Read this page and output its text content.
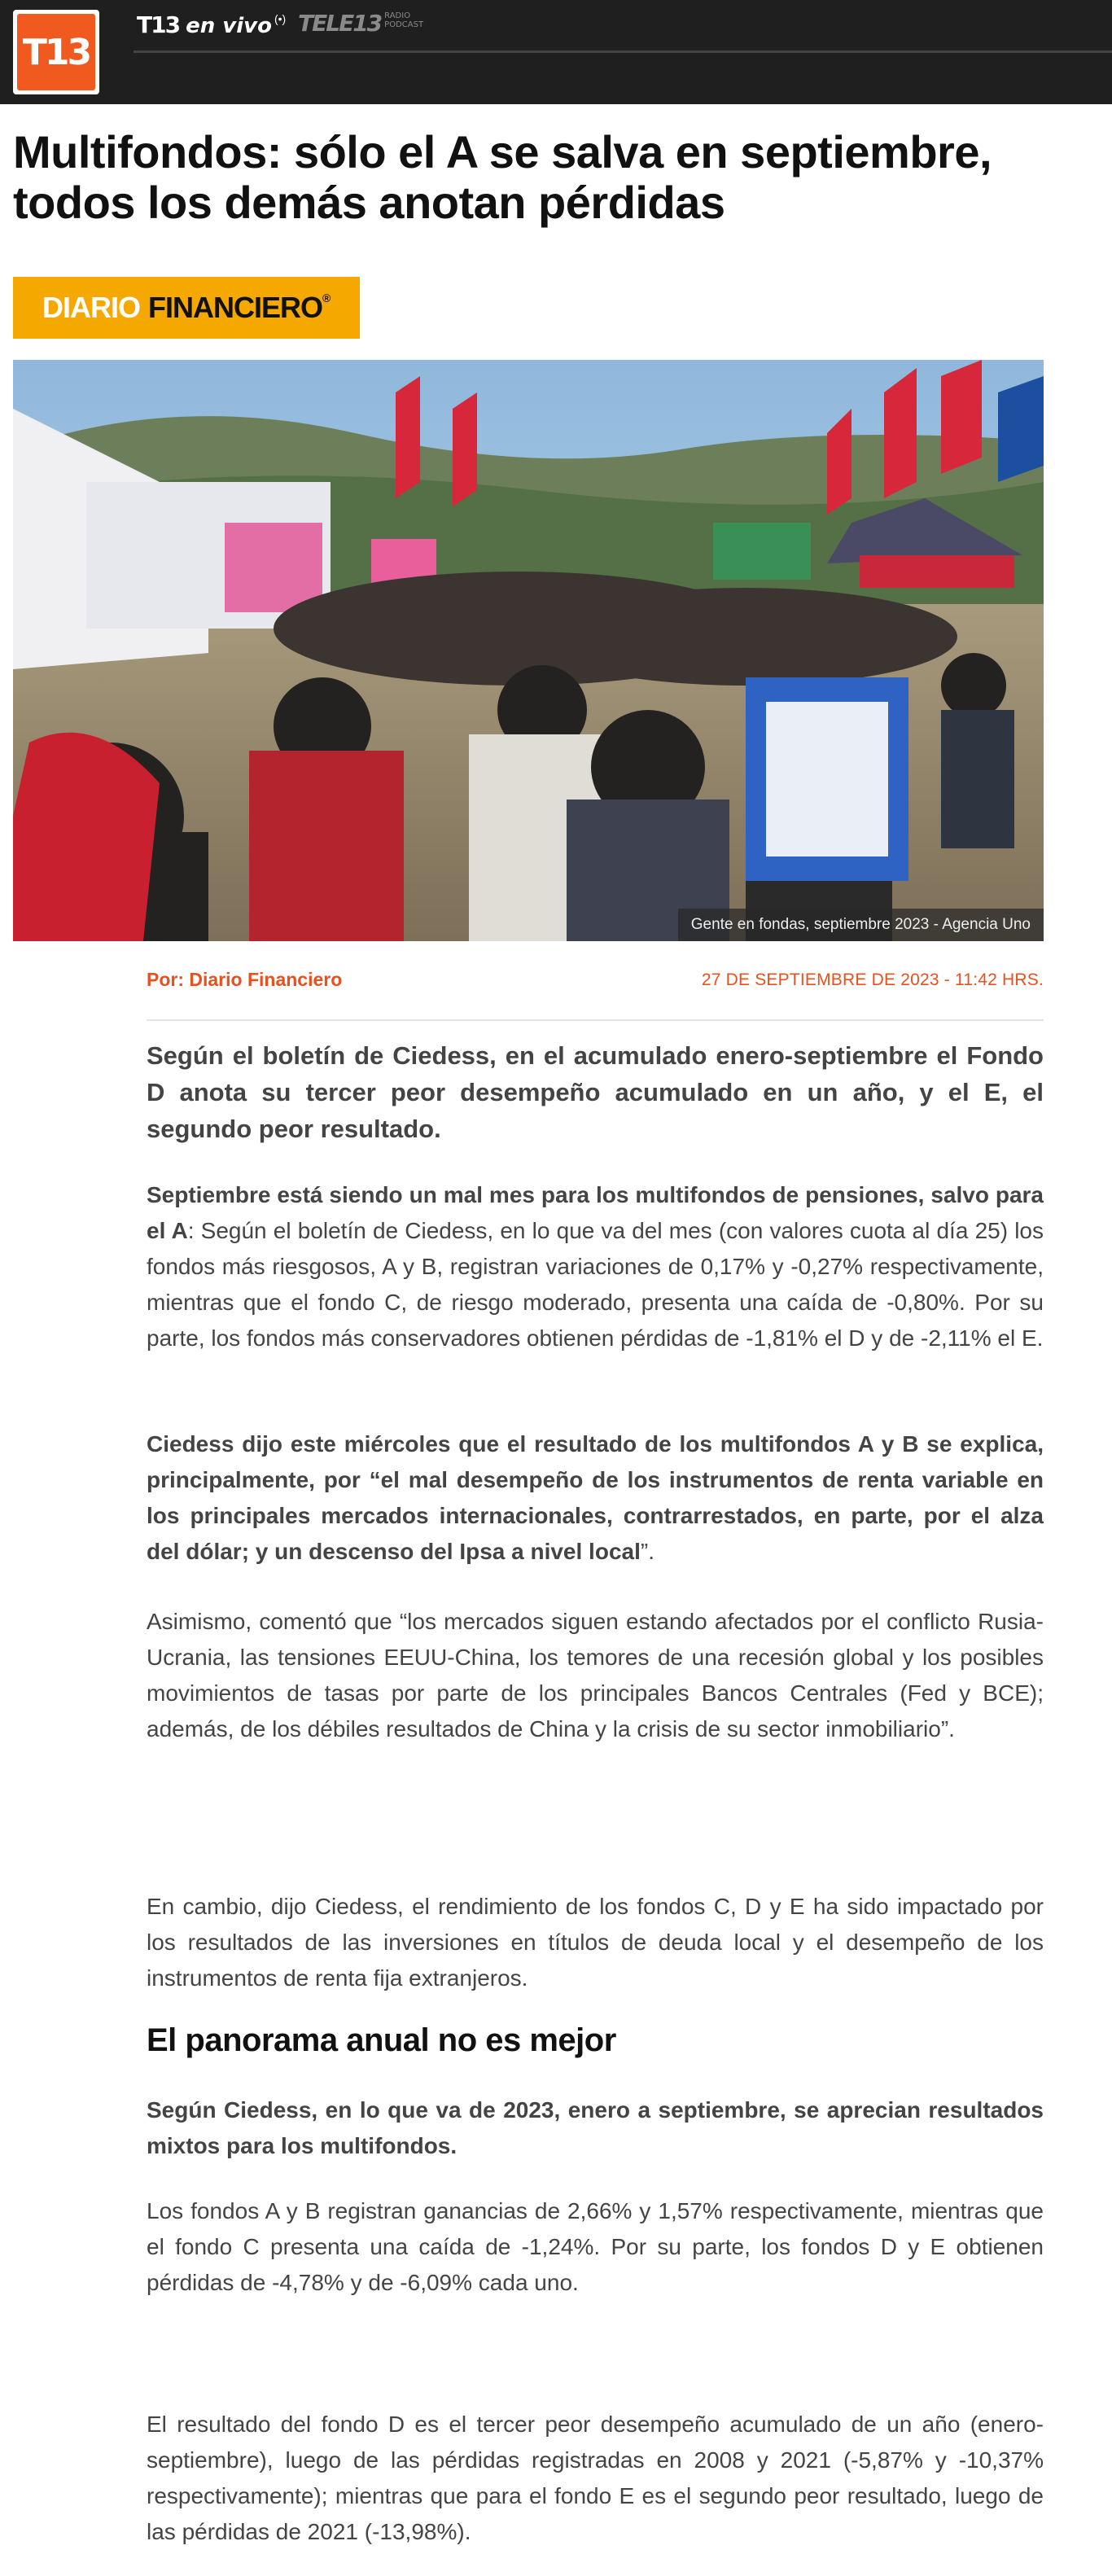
T13
T13 en vivo (•) TELE13 RADIO
PODCAST
Multifondos: sólo el A se salva en septiembre, todos los demás anotan pérdidas
DIARIO FINANCIERO ®
Gente en fondas, septiembre 2023 - Agencia Uno
Por: Diario Financiero	27 DE SEPTIEMBRE DE 2023 - 11:42 HRS.

Según el boletín de Ciedess, en el acumulado enero-septiembre el Fondo D anota su tercer peor desempeño acumulado en un año, y el E, el segundo peor resultado.

Septiembre está siendo un mal mes para los multifondos de pensiones, salvo para el A: Según el boletín de Ciedess, en lo que va del mes (con valores cuota al día 25) los fondos más riesgosos, A y B, registran variaciones de 0,17% y -0,27% respectivamente, mientras que el fondo C, de riesgo moderado, presenta una caída de -0,80%. Por su parte, los fondos más conservadores obtienen pérdidas de -1,81% el D y de -2,11% el E.

Ciedess dijo este miércoles que el resultado de los multifondos A y B se explica, principalmente, por “el mal desempeño de los instrumentos de renta variable en los principales mercados internacionales, contrarrestados, en parte, por el alza del dólar; y un descenso del Ipsa a nivel local”.

Asimismo, comentó que “los mercados siguen estando afectados por el conflicto Rusia-Ucrania, las tensiones EEUU-China, los temores de una recesión global y los posibles movimientos de tasas por parte de los principales Bancos Centrales (Fed y BCE); además, de los débiles resultados de China y la crisis de su sector inmobiliario”.

En cambio, dijo Ciedess, el rendimiento de los fondos C, D y E ha sido impactado por los resultados de las inversiones en títulos de deuda local y el desempeño de los instrumentos de renta fija extranjeros.

El panorama anual no es mejor

Según Ciedess, en lo que va de 2023, enero a septiembre, se aprecian resultados mixtos para los multifondos.

Los fondos A y B registran ganancias de 2,66% y 1,57% respectivamente, mientras que el fondo C presenta una caída de -1,24%. Por su parte, los fondos D y E obtienen pérdidas de -4,78% y de -6,09% cada uno.

El resultado del fondo D es el tercer peor desempeño acumulado de un año (enero-septiembre), luego de las pérdidas registradas en 2008 y 2021 (-5,87% y -10,37% respectivamente); mientras que para el fondo E es el segundo peor resultado, luego de las pérdidas de 2021 (-13,98%).
